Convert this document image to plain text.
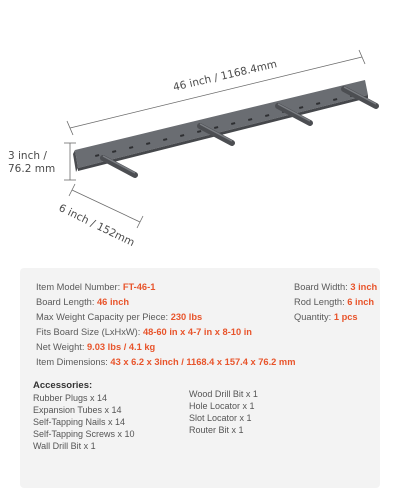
46 inch / 1168.4mm
3 inch /
76.2 mm
6 inch / 152mm
Item Model Number: FT-46-1
Board Length: 46 inch
Max Weight Capacity per Piece: 230 lbs
Fits Board Size (LxHxW): 48-60 in x 4-7 in x 8-10 in
Net Weight: 9.03 lbs / 4.1 kg
Item Dimensions: 43 x 6.2 x 3inch / 1168.4 x 157.4 x 76.2 mm
Board Width: 3 inch
Rod Length: 6 inch
Quantity: 1 pcs
Accessories:
Rubber Plugs x 14
Expansion Tubes x 14
Self-Tapping Nails x 14
Self-Tapping Screws x 10
Wall Drill Bit x 1
Wood Drill Bit x 1
Hole Locator x 1
Slot Locator x 1
Router Bit x 1
